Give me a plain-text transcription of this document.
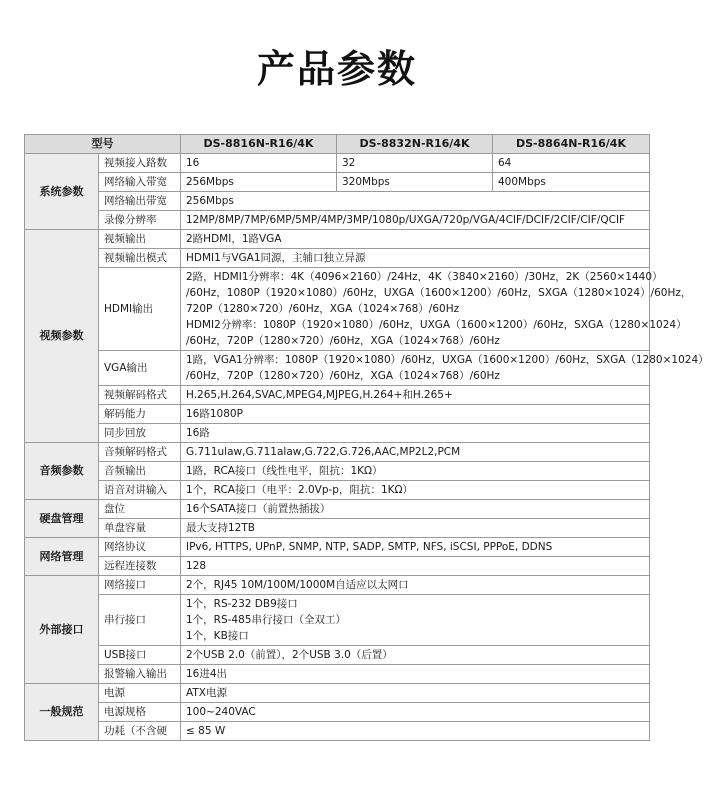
产品参数
型号		DS-8816N-R16/4K	DS-8832N-R16/4K	DS-8864N-R16/4K
系统参数	视频接入路数	16	32	64
	网络输入带宽	256Mbps	320Mbps	400Mbps
	网络输出带宽	256Mbps		

	录像分辨率	12MP/8MP/7MP/6MP/5MP/4MP/3MP/1080p/UXGA/720p/VGA/4CIF/DCIF/2CIF/CIF/QCIF		

视频参数	视频输出	2路HDMI，1路VGA		

	视频输出模式	HDMI1与VGA1同源，主辅口独立异源		

	HDMI输出	2路，HDMI1分辨率：4K（4096×2160）/24Hz，4K（3840×2160）/30Hz，2K（2560×1440）
/60Hz，1080P（1920×1080）/60Hz，UXGA（1600×1200）/60Hz，SXGA（1280×1024）/60Hz，
720P（1280×720）/60Hz，XGA（1024×768）/60Hz
HDMI2分辨率：1080P（1920×1080）/60Hz，UXGA（1600×1200）/60Hz，SXGA（1280×1024）
/60Hz，720P（1280×720）/60Hz，XGA（1024×768）/60Hz		

	VGA输出	1路，VGA1分辨率：1080P（1920×1080）/60Hz，UXGA（1600×1200）/60Hz，SXGA（1280×1024）
/60Hz，720P（1280×720）/60Hz，XGA（1024×768）/60Hz		

	视频解码格式	H.265,H.264,SVAC,MPEG4,MJPEG,H.264+和H.265+		

	解码能力	16路1080P		

	同步回放	16路		

音频参数	音频解码格式	G.711ulaw,G.711alaw,G.722,G.726,AAC,MP2L2,PCM		

	音频输出	1路，RCA接口（线性电平，阻抗：1KΩ）		

	语音对讲输入	1个，RCA接口（电平：2.0Vp-p，阻抗：1KΩ）		

硬盘管理	盘位	16个SATA接口（前置热插拔）		

	单盘容量	最大支持12TB		

网络管理	网络协议	IPv6, HTTPS, UPnP, SNMP, NTP, SADP, SMTP, NFS, iSCSI, PPPoE, DDNS		

	远程连接数	128		

外部接口	网络接口	2个，RJ45 10M/100M/1000M自适应以太网口		

	串行接口	1个，RS-232 DB9接口
1个，RS-485串行接口（全双工）
1个，KB接口		

	USB接口	2个USB 2.0（前置），2个USB 3.0（后置）		

	报警输入输出	16进4出		

一般规范	电源	ATX电源		

	电源规格	100~240VAC		

	功耗（不含硬	≤ 85 W		
